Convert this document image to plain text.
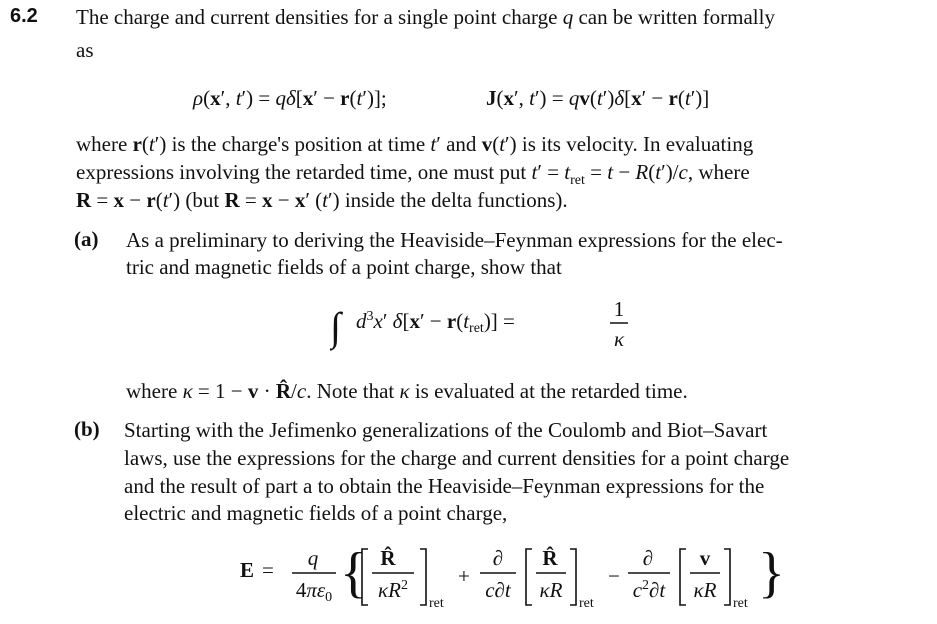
6.2 The charge and current densities for a single point charge q can be written formally
as
ρ(x′, t′) = qδ[x′ − r(t′)];	J(x′, t′) = qv(t′)δ[x′ − r(t′)]
where r(t′) is the charge's position at time t′ and v(t′) is its velocity. In evaluating
expressions involving the retarded time, one must put $t' = t_{ret} = t - R(t')/c$, where
R = x − r(t′) (but R = x − x′ (t′) inside the delta functions).
(a) As a preliminary to deriving the Heaviside–Feynman expressions for the elec-
tric and magnetic fields of a point charge, show that
∫ $d^3x'$ δ[x′ − r(tret)] =	1
κ
where κ = 1 − v · R̂/c. Note that κ is evaluated at the retarded time.
(b) Starting with the Jefimenko generalizations of the Coulomb and Biot–Savart
laws, use the expressions for the charge and current densities for a point charge
and the result of part a to obtain the Heaviside–Feynman expressions for the
electric and magnetic fields of a point charge,
E = q
4πε0 { R̂
$\kappa R^2$
ret
+
∂
c∂t
R̂
κR
ret
−
∂
$c^2\partial t$
v
κR
ret }
